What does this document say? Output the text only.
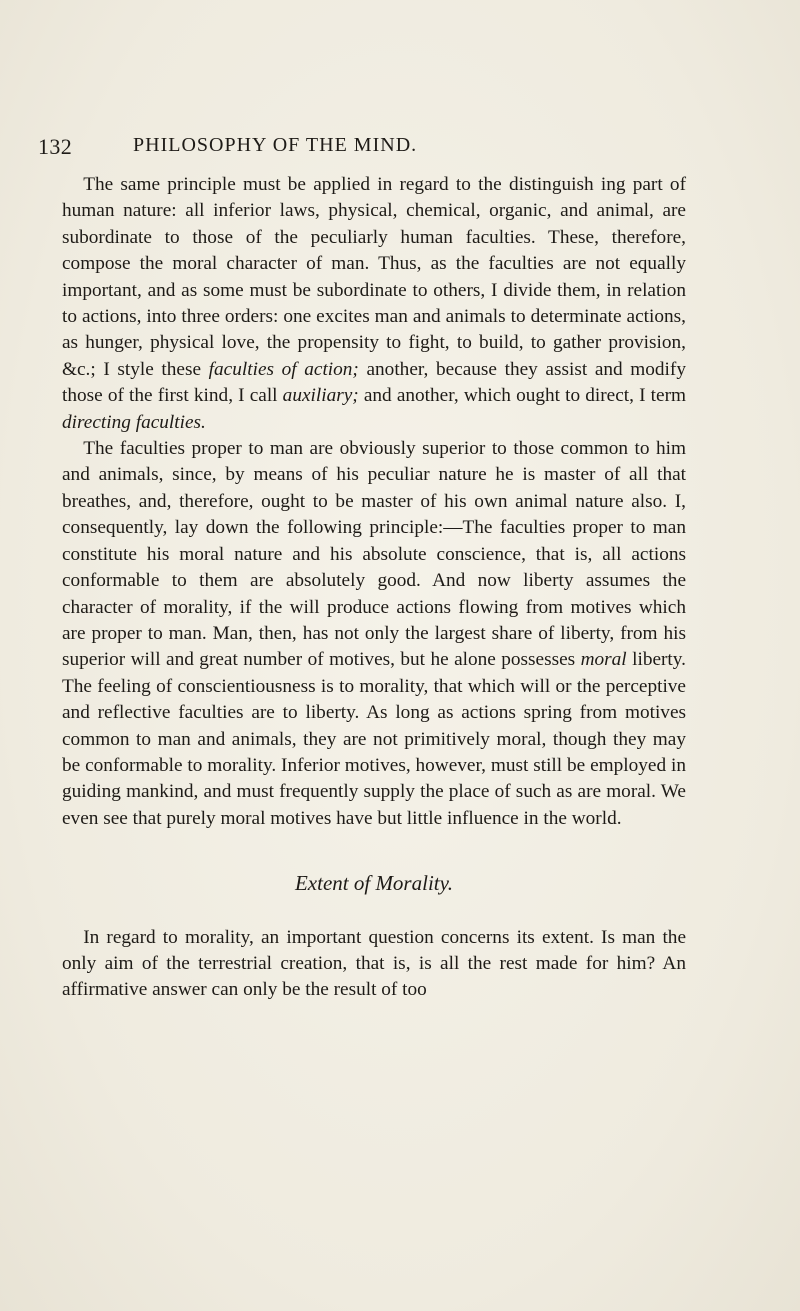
132	PHILOSOPHY OF THE MIND.

The same principle must be applied in regard to the distinguish ing part of human nature: all inferior laws, physical, chemical, organic, and animal, are subordinate to those of the peculiarly human faculties. These, therefore, compose the moral character of man. Thus, as the faculties are not equally important, and as some must be subordinate to others, I divide them, in relation to actions, into three orders: one excites man and animals to determinate actions, as hunger, physical love, the propensity to fight, to build, to gather provision, &c.; I style these faculties of action; another, because they assist and modify those of the first kind, I call auxiliary; and another, which ought to direct, I term directing faculties.

The faculties proper to man are obviously superior to those common to him and animals, since, by means of his peculiar nature he is master of all that breathes, and, therefore, ought to be master of his own animal nature also. I, consequently, lay down the following principle:—The faculties proper to man constitute his moral nature and his absolute conscience, that is, all actions conformable to them are absolutely good. And now liberty assumes the character of morality, if the will produce actions flowing from motives which are proper to man. Man, then, has not only the largest share of liberty, from his superior will and great number of motives, but he alone possesses moral liberty. The feeling of conscientiousness is to morality, that which will or the perceptive and reflective faculties are to liberty. As long as actions spring from motives common to man and animals, they are not primitively moral, though they may be conformable to morality. Inferior motives, however, must still be employed in guiding mankind, and must frequently supply the place of such as are moral. We even see that purely moral motives have but little influence in the world.

Extent of Morality.

In regard to morality, an important question concerns its extent. Is man the only aim of the terrestrial creation, that is, is all the rest made for him? An affirmative answer can only be the result of too
